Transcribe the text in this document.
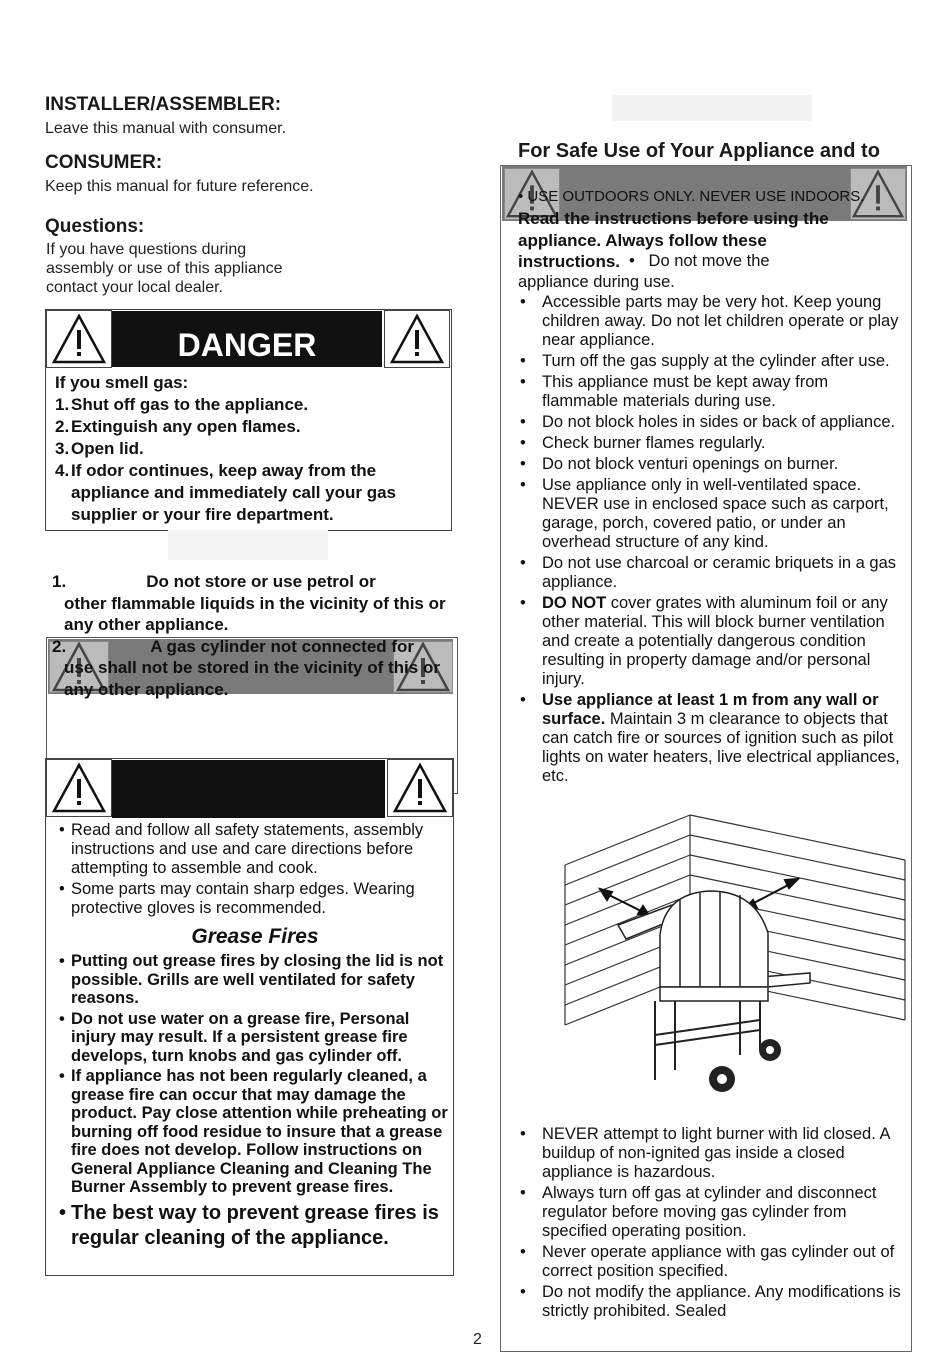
INSTALLER/ASSEMBLER:
Leave this manual with consumer.
CONSUMER:
Keep this manual for future reference.
Questions:
If you have questions during
assembly or use of this appliance
contact your local dealer.
DANGER
If you smell gas:
1. Shut off gas to the appliance.
2. Extinguish any open flames.
3. Open lid.
4. If odor continues, keep away from the appliance and immediately call your gas supplier or your fire department.
1.	Do not store or use petrol or
other flammable liquids in the vicinity of this or any other appliance.
2.	A gas cylinder not connected for
use shall not be stored in the vicinity of this or any other appliance.
• Read and follow all safety statements, assembly instructions and use and care directions before attempting to assemble and cook.
• Some parts may contain sharp edges. Wearing protective gloves is recommended.
Grease Fires
• Putting out grease fires by closing the lid is not possible. Grills are well ventilated for safety reasons.
• Do not use water on a grease fire, Personal injury may result. If a persistent grease fire develops, turn knobs and gas cylinder off.
• If appliance has not been regularly cleaned, a grease fire can occur that may damage the product. Pay close attention while preheating or burning off food residue to insure that a grease fire does not develop. Follow instructions on General Appliance Cleaning and Cleaning The Burner Assembly to prevent grease fires.
• The best way to prevent grease fires is regular cleaning of the appliance.
For Safe Use of Your Appliance and to
• USE OUTDOORS ONLY. NEVER USE INDOORS.
Read the instructions before using the
appliance. Always follow these instructions. •   Do not move the
appliance during use.
• Accessible parts may be very hot. Keep young children away. Do not let children operate or play near appliance.
• Turn off the gas supply at the cylinder after use.
• This appliance must be kept away from flammable materials during use.
• Do not block holes in sides or back of appliance.
• Check burner flames regularly.
• Do not block venturi openings on burner.
• Use appliance only in well-ventilated space. NEVER use in enclosed space such as carport, garage, porch, covered patio, or under an overhead structure of any kind.
• Do not use charcoal or ceramic briquets in a gas appliance.
• DO NOT cover grates with aluminum foil or any other material. This will block burner ventilation and create a potentially dangerous condition resulting in property damage and/or personal injury.
• Use appliance at least 1 m from any wall or surface. Maintain 3 m clearance to objects that can catch fire or sources of ignition such as pilot lights on water heaters, live electrical appliances, etc.
• NEVER attempt to light burner with lid closed. A buildup of non-ignited gas inside a closed appliance is hazardous.
• Always turn off gas at cylinder and disconnect regulator before moving gas cylinder from specified operating position.
• Never operate appliance with gas cylinder out of correct position specified.
• Do not modify the appliance. Any modifications is strictly prohibited. Sealed
2
